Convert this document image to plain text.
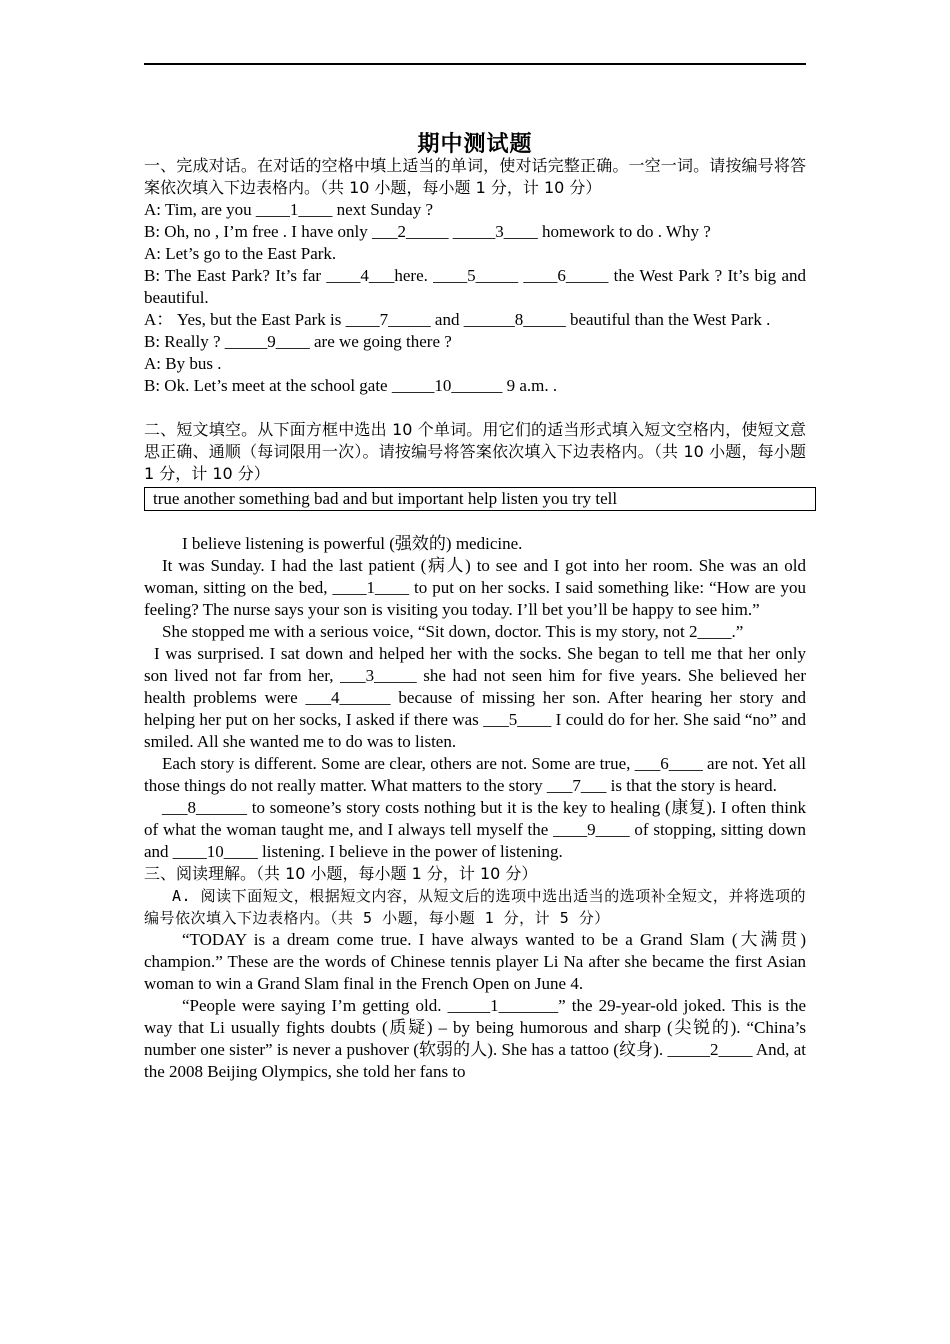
期中测试题

一、完成对话。在对话的空格中填上适当的单词，使对话完整正确。一空一词。请按编号将答案依次填入下边表格内。（共 10 小题，每小题 1 分，计 10 分）

A: Tim, are you ____1____ next Sunday ?

B: Oh, no , I’m free . I have only ___2_____ _____3____ homework to do . Why ?

A: Let’s go to the East Park.

B: The East Park? It’s far ____4___here. ____5_____ ____6_____ the West Park ? It’s big and beautiful.

A： Yes, but the East Park is ____7_____ and ______8_____ beautiful than the West Park .

B: Really ? _____9____ are we going there ?

A: By bus .

B: Ok. Let’s meet at the school gate _____10______ 9 a.m. .

二、短文填空。从下面方框中选出 10 个单词。用它们的适当形式填入短文空格内，使短文意思正确、通顺（每词限用一次）。请按编号将答案依次填入下边表格内。（共 10 小题，每小题 1 分，计 10 分）

true another something bad and but important help listen you try tell

I believe listening is powerful (强效的) medicine.

It was Sunday. I had the last patient (病人) to see and I got into her room. She was an old woman, sitting on the bed, ____1____ to put on her socks. I said something like: “How are you feeling? The nurse says your son is visiting you today. I’ll bet you’ll be happy to see him.”

She stopped me with a serious voice, “Sit down, doctor. This is my story, not 2____.”

I was surprised. I sat down and helped her with the socks. She began to tell me that her only son lived not far from her, ___3_____ she had not seen him for five years. She believed her health problems were ___4______ because of missing her son. After hearing her story and helping her put on her socks, I asked if there was ___5____ I could do for her. She said “no” and smiled. All she wanted me to do was to listen.

Each story is different. Some are clear, others are not. Some are true, ___6____ are not. Yet all those things do not really matter. What matters to the story ___7___ is that the story is heard.

___8______ to someone’s story costs nothing but it is the key to healing (康复). I often think of what the woman taught me, and I always tell myself the ____9____ of stopping, sitting down and ____10____ listening. I believe in the power of listening.

三、阅读理解。（共 10 小题，每小题 1 分，计 10 分）

A. 阅读下面短文，根据短文内容，从短文后的选项中选出适当的选项补全短文，并将选项的编号依次填入下边表格内。（共 5 小题，每小题 1 分，计 5 分）

“TODAY is a dream come true. I have always wanted to be a Grand Slam (大满贯) champion.” These are the words of Chinese tennis player Li Na after she became the first Asian woman to win a Grand Slam final in the French Open on June 4.

“People were saying I’m getting old. _____1_______” the 29-year-old joked. This is the way that Li usually fights doubts (质疑) – by being humorous and sharp (尖锐的). “China’s number one sister” is never a pushover (软弱的人). She has a tattoo (纹身). _____2____ And, at the 2008 Beijing Olympics, she told her fans to
